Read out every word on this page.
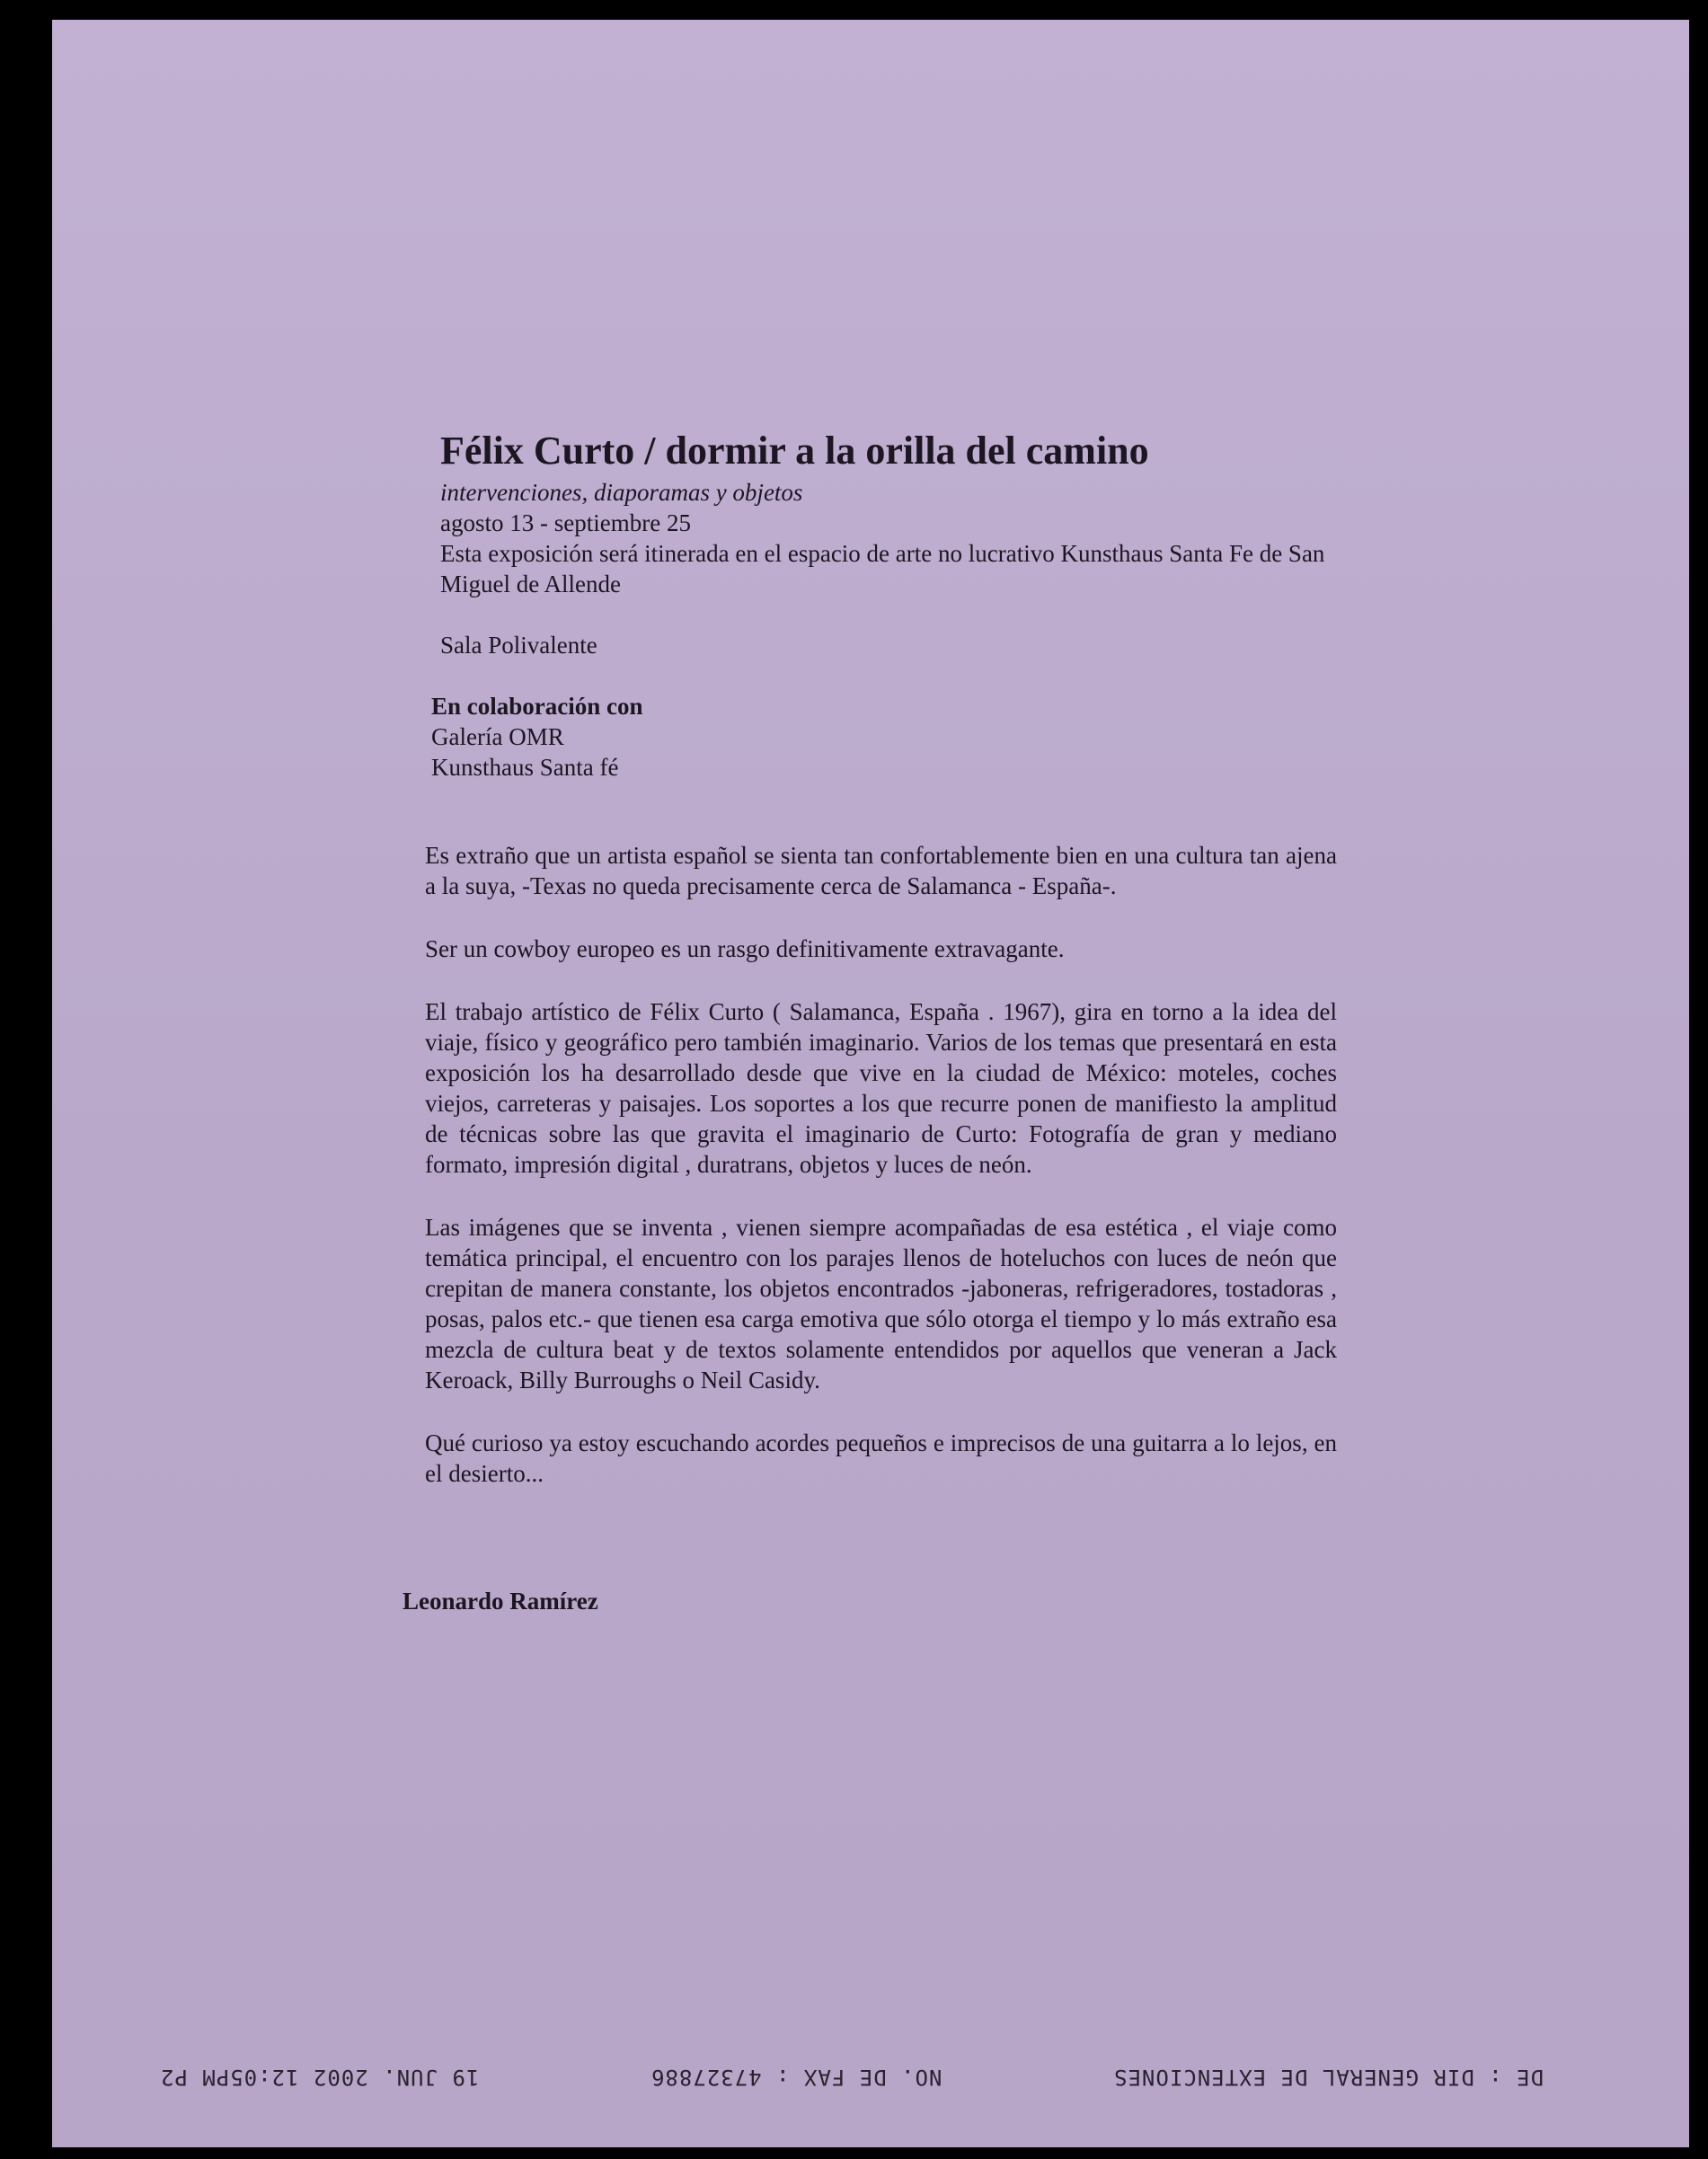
Félix Curto / dormir a la orilla del camino
intervenciones, diaporamas y objetos
agosto 13 - septiembre 25
Esta exposición será itinerada en el espacio de arte no lucrativo Kunsthaus Santa Fe de San Miguel de Allende
Sala Polivalente
En colaboración con
Galería OMR
Kunsthaus Santa fé

Es extraño que un artista español se sienta tan confortablemente bien en una cultura tan ajena a la suya, -Texas no queda precisamente cerca de Salamanca - España-.

Ser un cowboy europeo es un rasgo definitivamente extravagante.

El trabajo artístico de Félix Curto ( Salamanca, España . 1967), gira en torno a la idea del viaje, físico y geográfico pero también imaginario. Varios de los temas que presentará en esta exposición los ha desarrollado desde que vive en la ciudad de México: moteles, coches viejos, carreteras y paisajes. Los soportes a los que recurre ponen de manifiesto la amplitud de técnicas sobre las que gravita el imaginario de Curto: Fotografía de gran y mediano formato, impresión digital , duratrans, objetos y luces de neón.

Las imágenes que se inventa , vienen siempre acompañadas de esa estética , el viaje como temática principal, el encuentro con los parajes llenos de hoteluchos con luces de neón que crepitan de manera constante, los objetos encontrados -jaboneras, refrigeradores, tostadoras , posas, palos etc.- que tienen esa carga emotiva que sólo otorga el tiempo y lo más extraño esa mezcla de cultura beat y de textos solamente entendidos por aquellos que veneran a Jack Keroack, Billy Burroughs o Neil Casidy.

Qué curioso ya estoy escuchando acordes pequeños e imprecisos de una guitarra a lo lejos, en el desierto...

Leonardo Ramírez
DE : DIR GENERAL DE EXTENCIONES
NO. DE FAX : 47327886
19 JUN. 2002 12:05PM P2
